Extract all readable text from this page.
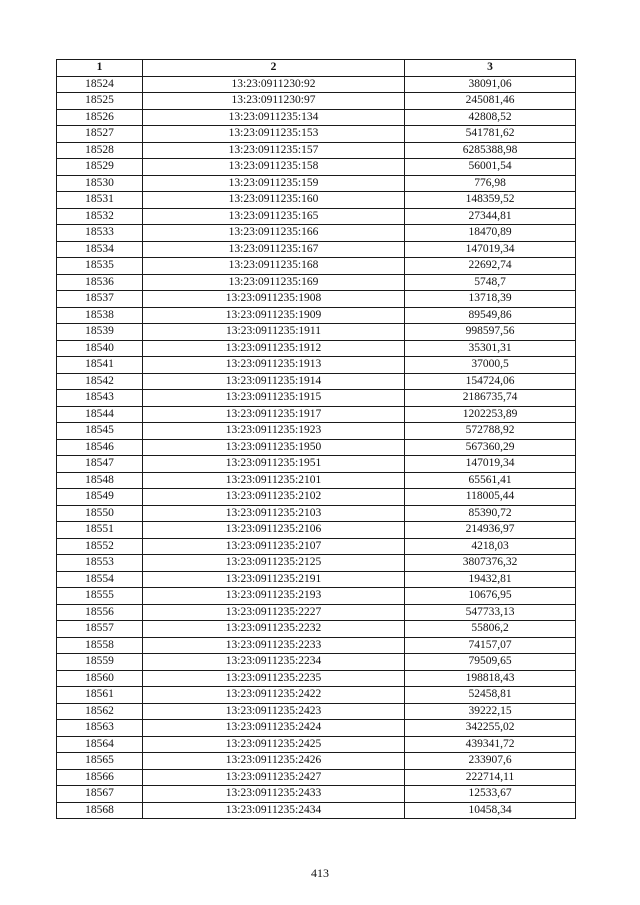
1	2	3
18524	13:23:0911230:92	38091,06
18525	13:23:0911230:97	245081,46
18526	13:23:0911235:134	42808,52
18527	13:23:0911235:153	541781,62
18528	13:23:0911235:157	6285388,98
18529	13:23:0911235:158	56001,54
18530	13:23:0911235:159	776,98
18531	13:23:0911235:160	148359,52
18532	13:23:0911235:165	27344,81
18533	13:23:0911235:166	18470,89
18534	13:23:0911235:167	147019,34
18535	13:23:0911235:168	22692,74
18536	13:23:0911235:169	5748,7
18537	13:23:0911235:1908	13718,39
18538	13:23:0911235:1909	89549,86
18539	13:23:0911235:1911	998597,56
18540	13:23:0911235:1912	35301,31
18541	13:23:0911235:1913	37000,5
18542	13:23:0911235:1914	154724,06
18543	13:23:0911235:1915	2186735,74
18544	13:23:0911235:1917	1202253,89
18545	13:23:0911235:1923	572788,92
18546	13:23:0911235:1950	567360,29
18547	13:23:0911235:1951	147019,34
18548	13:23:0911235:2101	65561,41
18549	13:23:0911235:2102	118005,44
18550	13:23:0911235:2103	85390,72
18551	13:23:0911235:2106	214936,97
18552	13:23:0911235:2107	4218,03
18553	13:23:0911235:2125	3807376,32
18554	13:23:0911235:2191	19432,81
18555	13:23:0911235:2193	10676,95
18556	13:23:0911235:2227	547733,13
18557	13:23:0911235:2232	55806,2
18558	13:23:0911235:2233	74157,07
18559	13:23:0911235:2234	79509,65
18560	13:23:0911235:2235	198818,43
18561	13:23:0911235:2422	52458,81
18562	13:23:0911235:2423	39222,15
18563	13:23:0911235:2424	342255,02
18564	13:23:0911235:2425	439341,72
18565	13:23:0911235:2426	233907,6
18566	13:23:0911235:2427	222714,11
18567	13:23:0911235:2433	12533,67
18568	13:23:0911235:2434	10458,34
413
